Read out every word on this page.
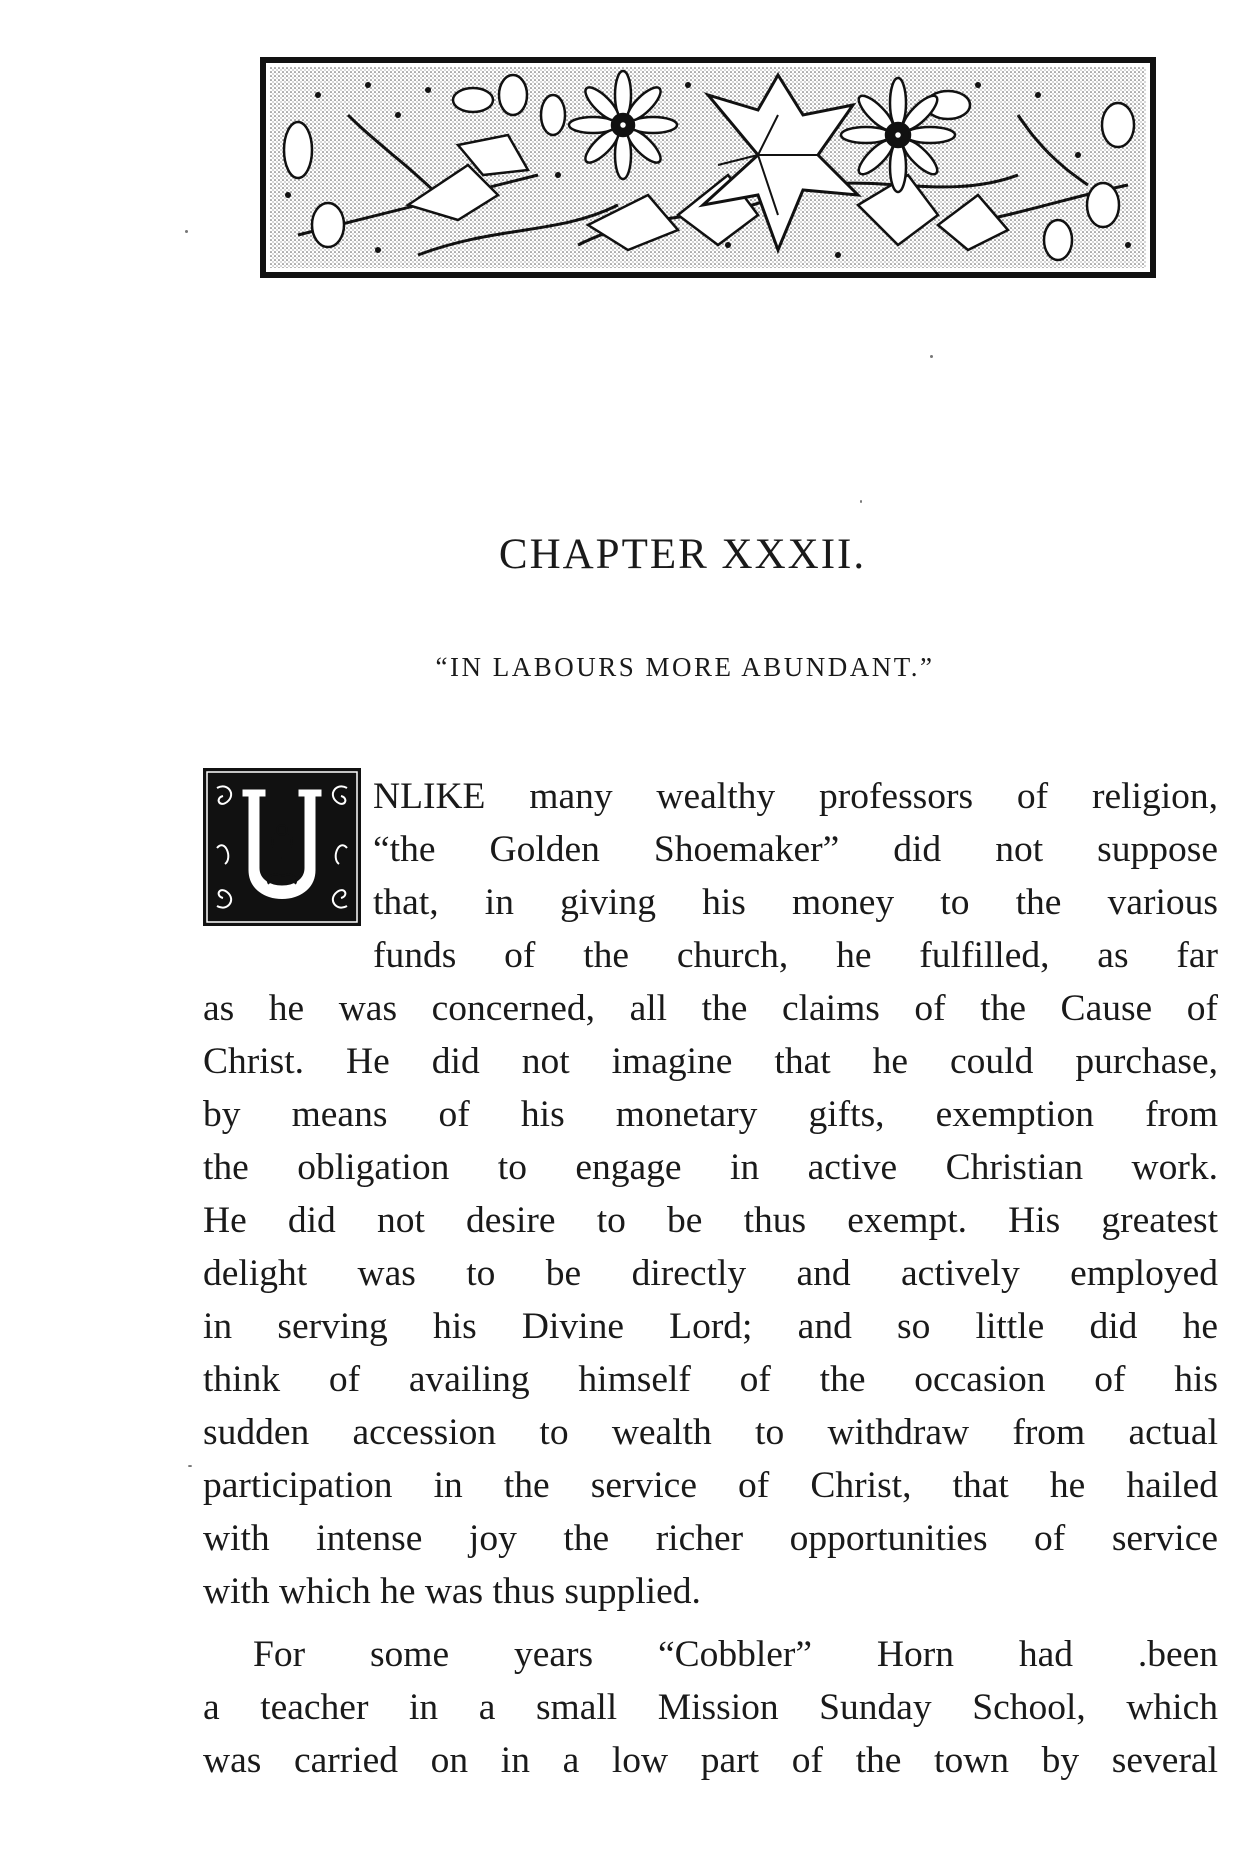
CHAPTER XXXII.
“IN LABOURS MORE ABUNDANT.”
NLIKE many wealthy professors of religion,
“the Golden Shoemaker” did not suppose
that, in giving his money to the various
funds of the church, he fulfilled, as far
as he was concerned, all the claims of the Cause of
Christ. He did not imagine that he could purchase,
by means of his monetary gifts, exemption from
the obligation to engage in active Christian work.
He did not desire to be thus exempt. His greatest
delight was to be directly and actively employed
in serving his Divine Lord; and so little did he
think of availing himself of the occasion of his
sudden accession to wealth to withdraw from actual
participation in the service of Christ, that he hailed
with intense joy the richer opportunities of service
with which he was thus supplied.
For some years “Cobbler” Horn had .been
a teacher in a small Mission Sunday School, which
was carried on in a low part of the town by several
